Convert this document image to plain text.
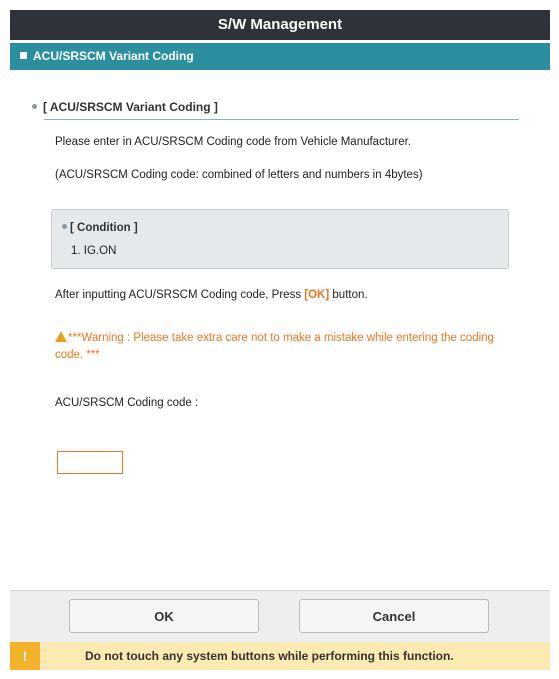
S/W Management
ACU/SRSCM Variant Coding
[ ACU/SRSCM Variant Coding ]
Please enter in ACU/SRSCM Coding code from Vehicle Manufacturer.
(ACU/SRSCM Coding code: combined of letters and numbers in 4bytes)
[ Condition ]
1. IG.ON
After inputting ACU/SRSCM Coding code, Press [OK] button.
***Warning : Please take extra care not to make a mistake while entering the coding code. ***
ACU/SRSCM Coding code :
OK	Cancel
!	Do not touch any system buttons while performing this function.
